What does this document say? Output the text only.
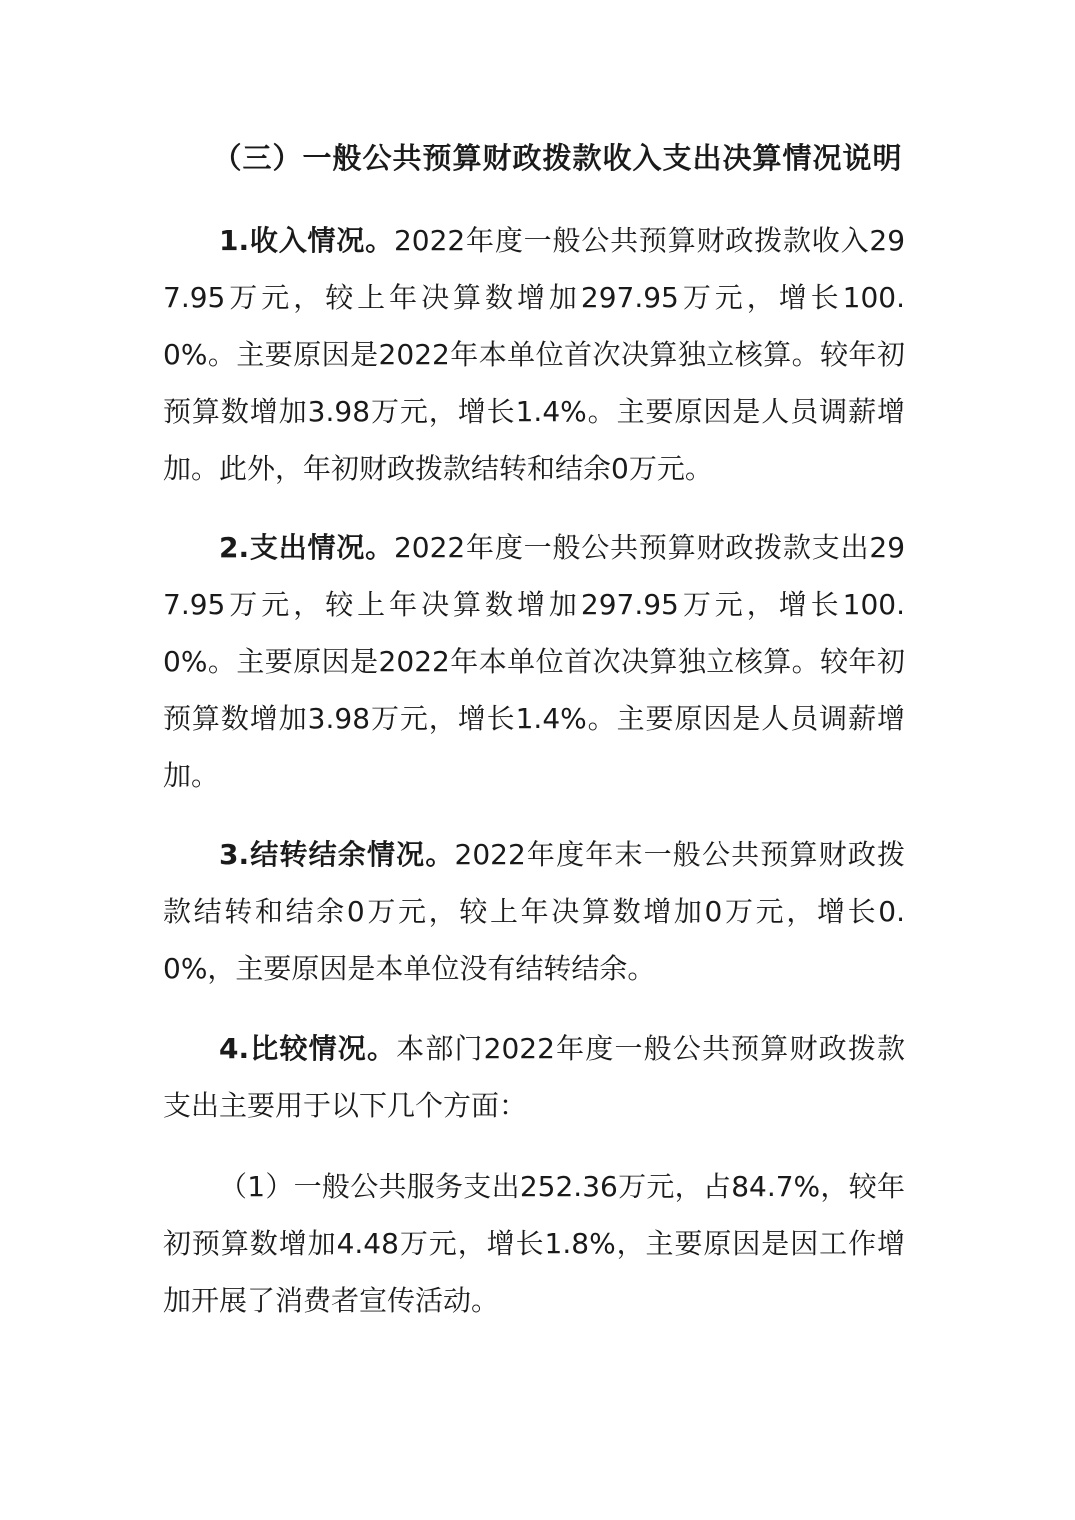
（三）一般公共预算财政拨款收入支出决算情况说明

1.收入情况。2022年度一般公共预算财政拨款收入297.95万元，较上年决算数增加297.95万元，增长100.0%。主要原因是2022年本单位首次决算独立核算。较年初预算数增加3.98万元，增长1.4%。主要原因是人员调薪增加。此外，年初财政拨款结转和结余0万元。

2.支出情况。2022年度一般公共预算财政拨款支出297.95万元，较上年决算数增加297.95万元，增长100.0%。主要原因是2022年本单位首次决算独立核算。较年初预算数增加3.98万元，增长1.4%。主要原因是人员调薪增加。

3.结转结余情况。2022年度年末一般公共预算财政拨款结转和结余0万元，较上年决算数增加0万元，增长0.0%，主要原因是本单位没有结转结余。

4.比较情况。本部门2022年度一般公共预算财政拨款支出主要用于以下几个方面：

（1）一般公共服务支出252.36万元，占84.7%，较年初预算数增加4.48万元，增长1.8%，主要原因是因工作增加开展了消费者宣传活动。
